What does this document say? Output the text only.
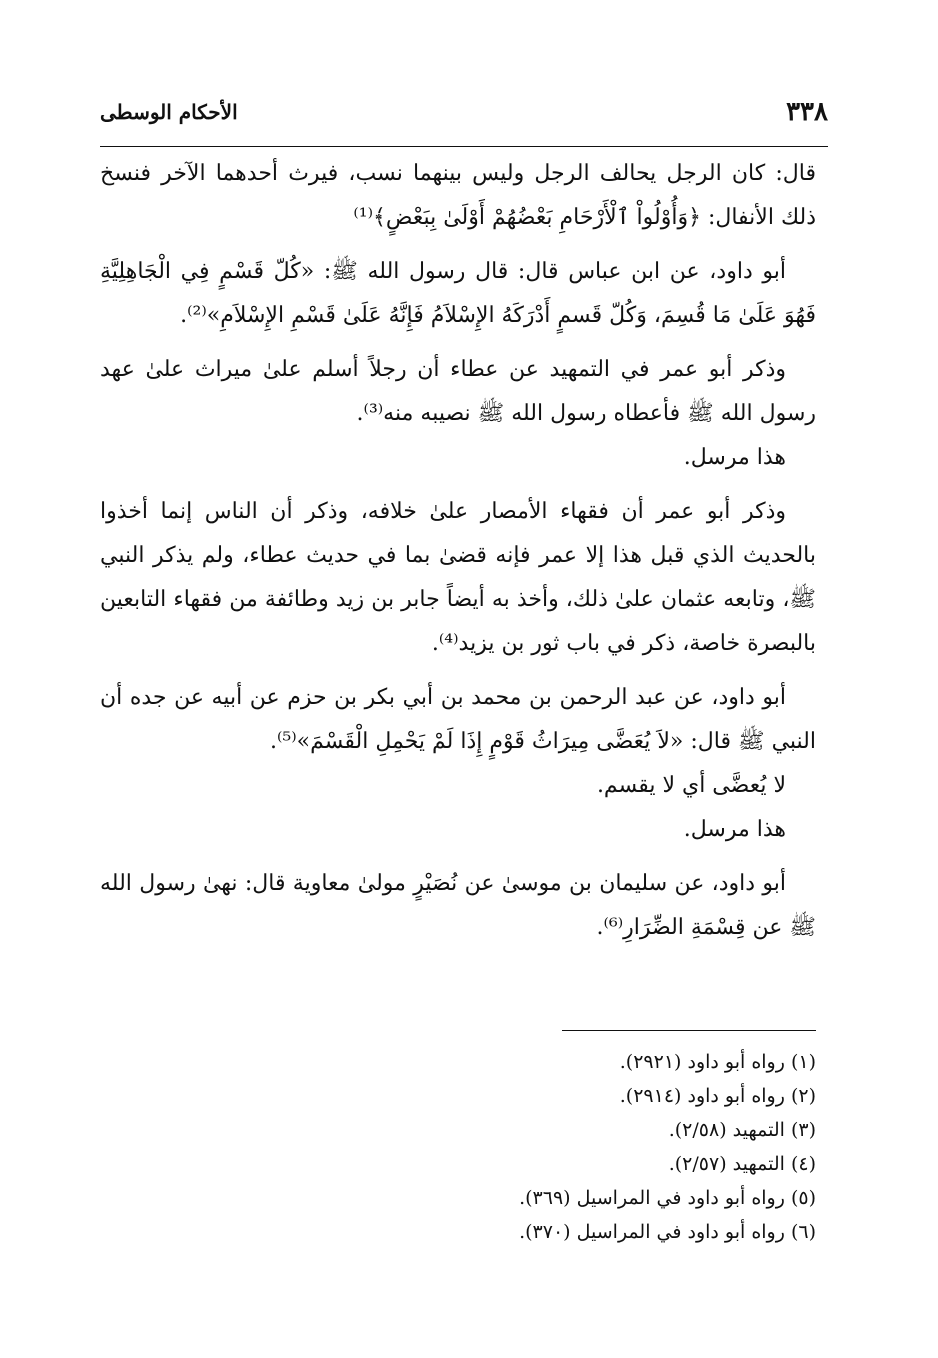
٣٣٨
الأحكام الوسطى

قال: كان الرجل يحالف الرجل وليس بينهما نسب، فيرث أحدهما الآخر فنسخ ذلك الأنفال: ﴿وَأُوْلُواْ ٱلْأَرْحَامِ بَعْضُهُمْ أَوْلَىٰ بِبَعْضٍ﴾⁽¹⁾

أبو داود، عن ابن عباس قال: قال رسول الله ﷺ: «كُلّ قَسْمٍ فِي الْجَاهِلِيَّةِ فَهُوَ عَلَىٰ مَا قُسِمَ، وَكُلّ قَسمٍ أَدْرَكَهُ الإِسْلاَمُ فَإِنَّهُ عَلَىٰ قَسْمِ الإِسْلاَمِ»⁽²⁾.

وذكر أبو عمر في التمهيد عن عطاء أن رجلاً أسلم علىٰ ميراث علىٰ عهد رسول الله ﷺ فأعطاه رسول الله ﷺ نصيبه منه⁽³⁾.

هذا مرسل.

وذكر أبو عمر أن فقهاء الأمصار علىٰ خلافه، وذكر أن الناس إنما أخذوا بالحديث الذي قبل هذا إلا عمر فإنه قضىٰ بما في حديث عطاء، ولم يذكر النبي ﷺ، وتابعه عثمان علىٰ ذلك، وأخذ به أيضاً جابر بن زيد وطائفة من فقهاء التابعين بالبصرة خاصة، ذكر في باب ثور بن يزيد⁽⁴⁾.

أبو داود، عن عبد الرحمن بن محمد بن أبي بكر بن حزم عن أبيه عن جده أن النبي ﷺ قال: «لاَ يُعَضَّى مِيرَاثُ قَوْمٍ إِذَا لَمْ يَحْمِلِ الْقَسْمَ»⁽⁵⁾.

لا يُعضَّى أي لا يقسم.

هذا مرسل.

أبو داود، عن سليمان بن موسىٰ عن نُصَيْرٍ مولىٰ معاوية قال: نهىٰ رسول الله ﷺ عن قِسْمَةِ الضِّرَارِ⁽⁶⁾.

(١) رواه أبو داود (٢٩٢١).

(٢) رواه أبو داود (٢٩١٤).

(٣) التمهيد (٢/٥٨).

(٤) التمهيد (٢/٥٧).

(٥) رواه أبو داود في المراسيل (٣٦٩).

(٦) رواه أبو داود في المراسيل (٣٧٠).
